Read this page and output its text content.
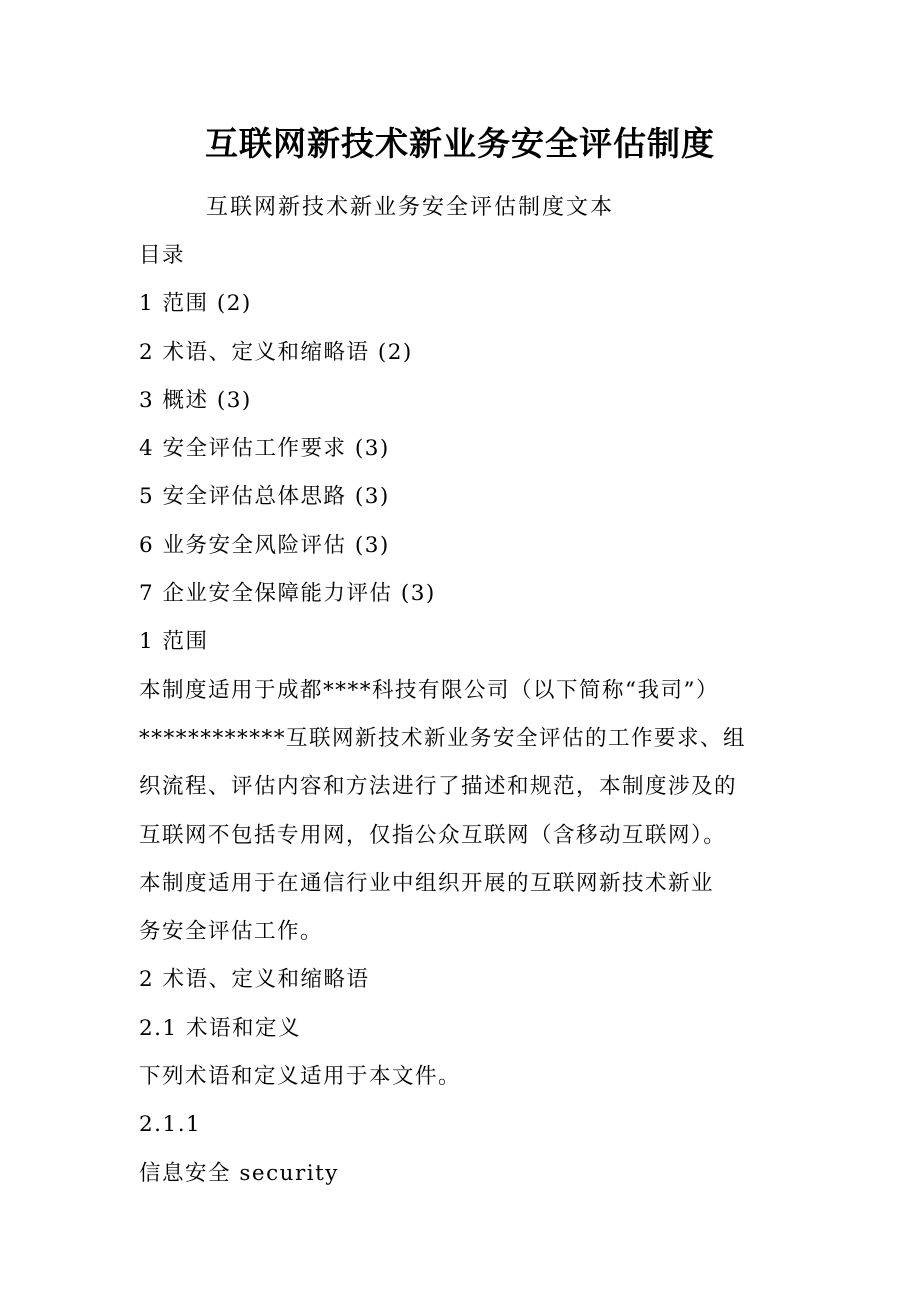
互联网新技术新业务安全评估制度
互联网新技术新业务安全评估制度文本
目录
1 范围 (2)
2 术语、定义和缩略语 (2)
3 概述 (3)
4 安全评估工作要求 (3)
5 安全评估总体思路 (3)
6 业务安全风险评估 (3)
7 企业安全保障能力评估 (3)
1 范围
本制度适用于成都****科技有限公司（以下简称“我司”）
************互联网新技术新业务安全评估的工作要求、组
织流程、评估内容和方法进行了描述和规范，本制度涉及的
互联网不包括专用网，仅指公众互联网（含移动互联网）。
本制度适用于在通信行业中组织开展的互联网新技术新业
务安全评估工作。
2 术语、定义和缩略语
2.1 术语和定义
下列术语和定义适用于本文件。
2.1.1
信息安全 security
